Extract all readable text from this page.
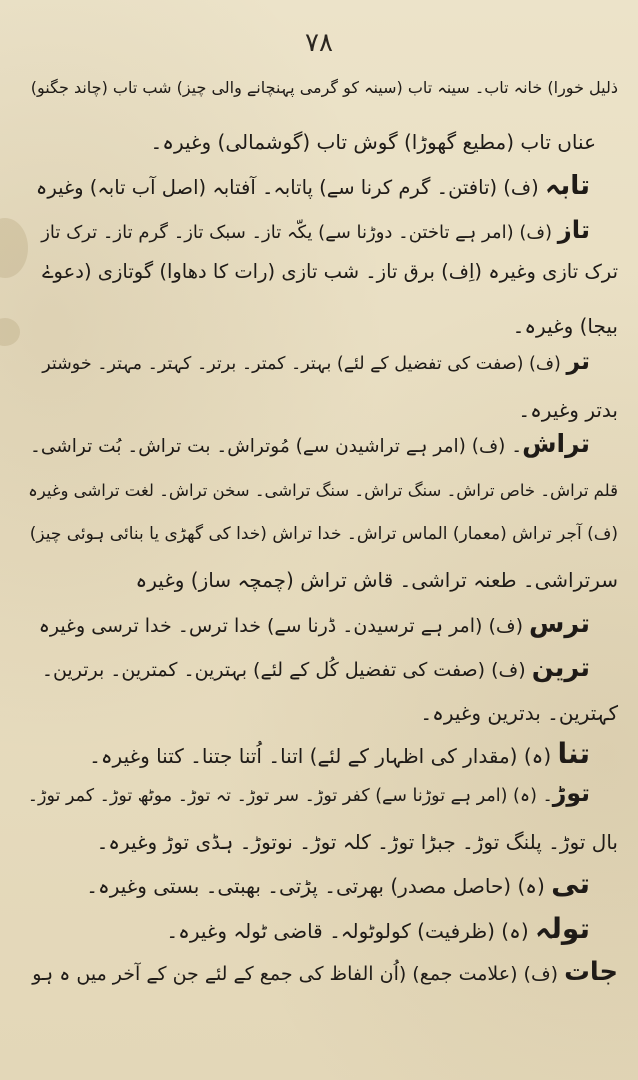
۷۸
ذلیل خورا) خانہ تاب۔ سینہ تاب (سینہ کو گرمی پہنچانے والی چیز) شب تاب (چاند جگنو)
عناں تاب (مطیع گھوڑا) گوش تاب (گوشمالی) وغیرہ۔
تابہ (ف) (تافتن۔ گرم کرنا سے) پاتابہ۔ آفتابہ (اصل آب تابہ) وغیرہ
تاز (ف) (امر ہے تاختن۔ دوڑنا سے) یکّہ تاز۔ سبک تاز۔ گرم تاز۔ ترک تاز
ترک تازی وغیرہ (اِف) برق تاز۔ شب تازی (رات کا دھاوا) گوتازی (دعوےٰ
بیجا) وغیرہ۔
تر (ف) (صفت کی تفضیل کے لئے) بہتر۔ کمتر۔ برتر۔ کہتر۔ مہتر۔ خوشتر
بدتر وغیرہ۔
تراش۔ (ف) (امر ہے تراشیدن سے) مُوتراش۔ بت تراش۔ بُت تراشی۔
قلم تراش۔ خاص تراش۔ سنگ تراش۔ سنگ تراشی۔ سخن تراش۔ لغت تراشی وغیرہ
(ف) آجر تراش (معمار) الماس تراش۔ خدا تراش (خدا کی گھڑی یا بنائی ہوئی چیز)
سرتراشی۔ طعنہ تراشی۔ قاش تراش (چمچہ ساز) وغیرہ
ترس (ف) (امر ہے ترسیدن۔ ڈرنا سے) خدا ترس۔ خدا ترسی وغیرہ
ترین (ف) (صفت کی تفضیل کُل کے لئے) بہترین۔ کمترین۔ برترین۔
کہترین۔ بدترین وغیرہ۔
تنا (ہ) (مقدار کی اظہار کے لئے) اتنا۔ اُتنا جتنا۔ کتنا وغیرہ۔
توڑ۔ (ہ) (امر ہے توڑنا سے) کفر توڑ۔ سر توڑ۔ تہ توڑ۔ موٹھ توڑ۔ کمر توڑ۔
بال توڑ۔ پلنگ توڑ۔ جبڑا توڑ۔ کلہ توڑ۔ نوتوڑ۔ ہڈی توڑ وغیرہ۔
تی (ہ) (حاصل مصدر) بھرتی۔ پڑتی۔ بھبتی۔ بستی وغیرہ۔
تولہ (ہ) (ظرفیت) کولوٹولہ۔ قاضی ٹولہ وغیرہ۔
جات (ف) (علامت جمع) (اُن الفاظ کی جمع کے لئے جن کے آخر میں ہ ہو
